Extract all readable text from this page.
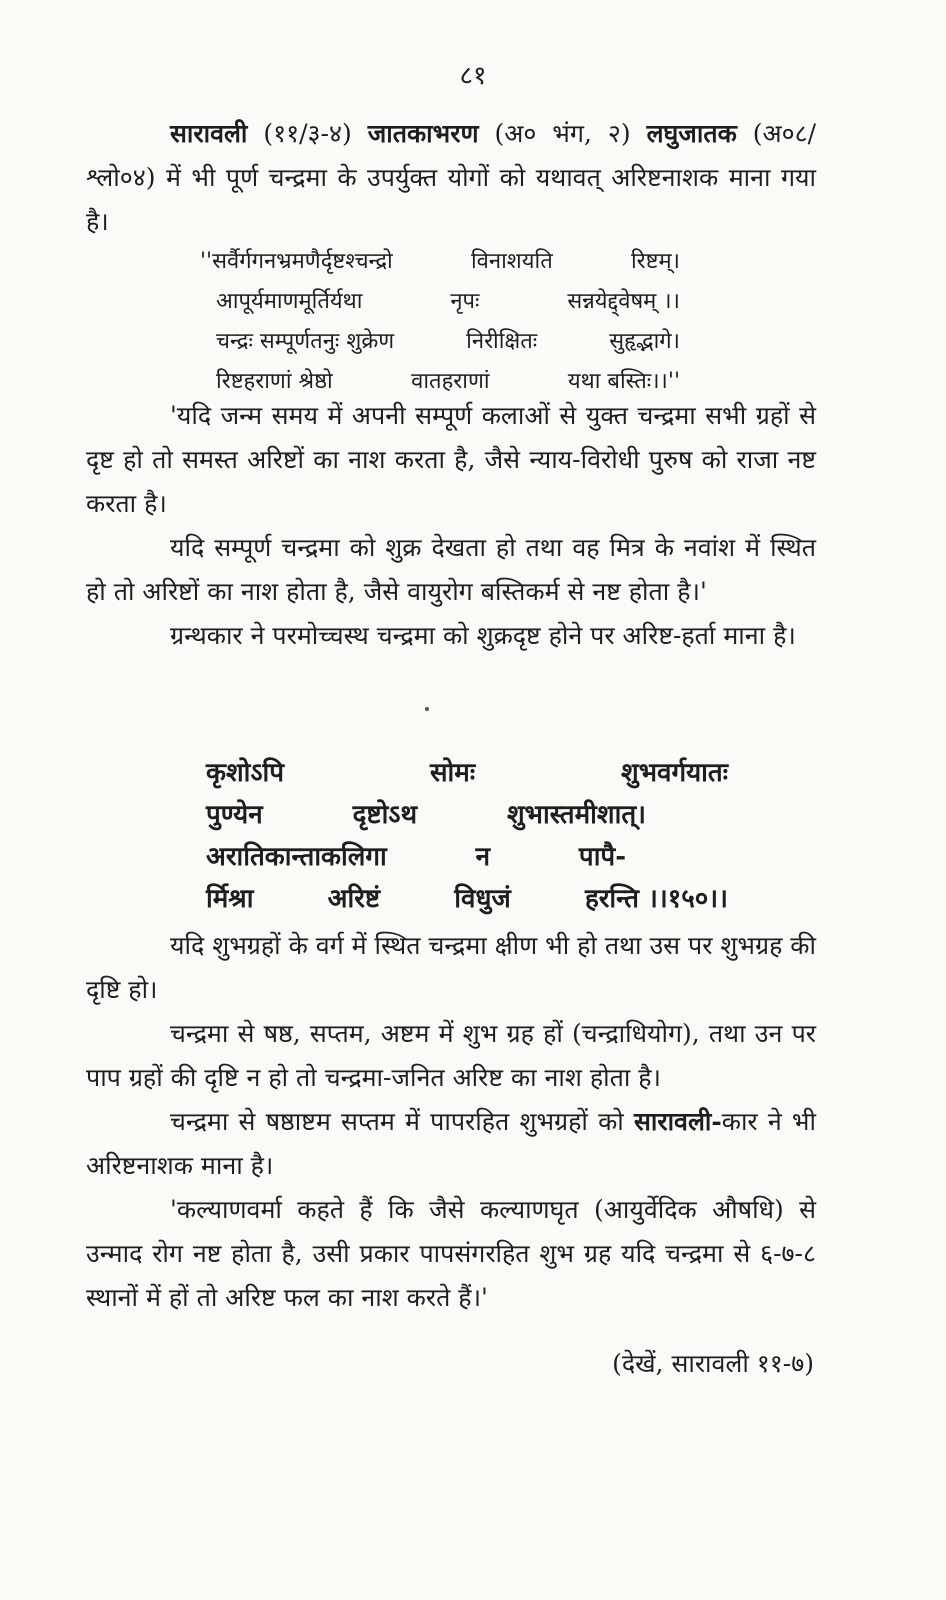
८१

सारावली (११/३-४) जातकाभरण (अ० भंग, २) लघुजातक (अ०८/श्लो०४) में भी पूर्ण चन्द्रमा के उपर्युक्त योगों को यथावत् अरिष्टनाशक माना गया है।

''सर्वैर्गगनभ्रमणैर्दृष्टश्चन्द्रो	विनाशयति	रिष्टम्।
आपूर्यमाणमूर्तिर्यथा	नृपः	सन्नयेद्द्वेषम् ।।
चन्द्रः सम्पूर्णतनुः शुक्रेण	निरीक्षितः	सुहृद्भागे।
रिष्टहराणां श्रेष्ठो	वातहराणां	यथा बस्तिः।।''

'यदि जन्म समय में अपनी सम्पूर्ण कलाओं से युक्त चन्द्रमा सभी ग्रहों से दृष्ट हो तो समस्त अरिष्टों का नाश करता है, जैसे न्याय-विरोधी पुरुष को राजा नष्ट करता है।

यदि सम्पूर्ण चन्द्रमा को शुक्र देखता हो तथा वह मित्र के नवांश में स्थित हो तो अरिष्टों का नाश होता है, जैसे वायुरोग बस्तिकर्म से नष्ट होता है।'

ग्रन्थकार ने परमोच्चस्थ चन्द्रमा को शुक्रदृष्ट होने पर अरिष्ट-हर्ता माना है।

कृशोऽपि	सोमः	शुभवर्गयातः
पुण्येन	दृष्टोऽथ	शुभास्तमीशात्।
अरातिकान्ताकलिगा	न	पापै-
र्मिश्रा	अरिष्टं	विधुजं	हरन्ति ।।१५०।।

यदि शुभग्रहों के वर्ग में स्थित चन्द्रमा क्षीण भी हो तथा उस पर शुभग्रह की दृष्टि हो।

चन्द्रमा से षष्ठ, सप्तम, अष्टम में शुभ ग्रह हों (चन्द्राधियोग), तथा उन पर पाप ग्रहों की दृष्टि न हो तो चन्द्रमा-जनित अरिष्ट का नाश होता है।

चन्द्रमा से षष्ठाष्टम सप्तम में पापरहित शुभग्रहों को सारावली-कार ने भी अरिष्टनाशक माना है।

'कल्याणवर्मा कहते हैं कि जैसे कल्याणघृत (आयुर्वेदिक औषधि) से उन्माद रोग नष्ट होता है, उसी प्रकार पापसंगरहित शुभ ग्रह यदि चन्द्रमा से ६-७-८ स्थानों में हों तो अरिष्ट फल का नाश करते हैं।'

(देखें, सारावली ११-७)
